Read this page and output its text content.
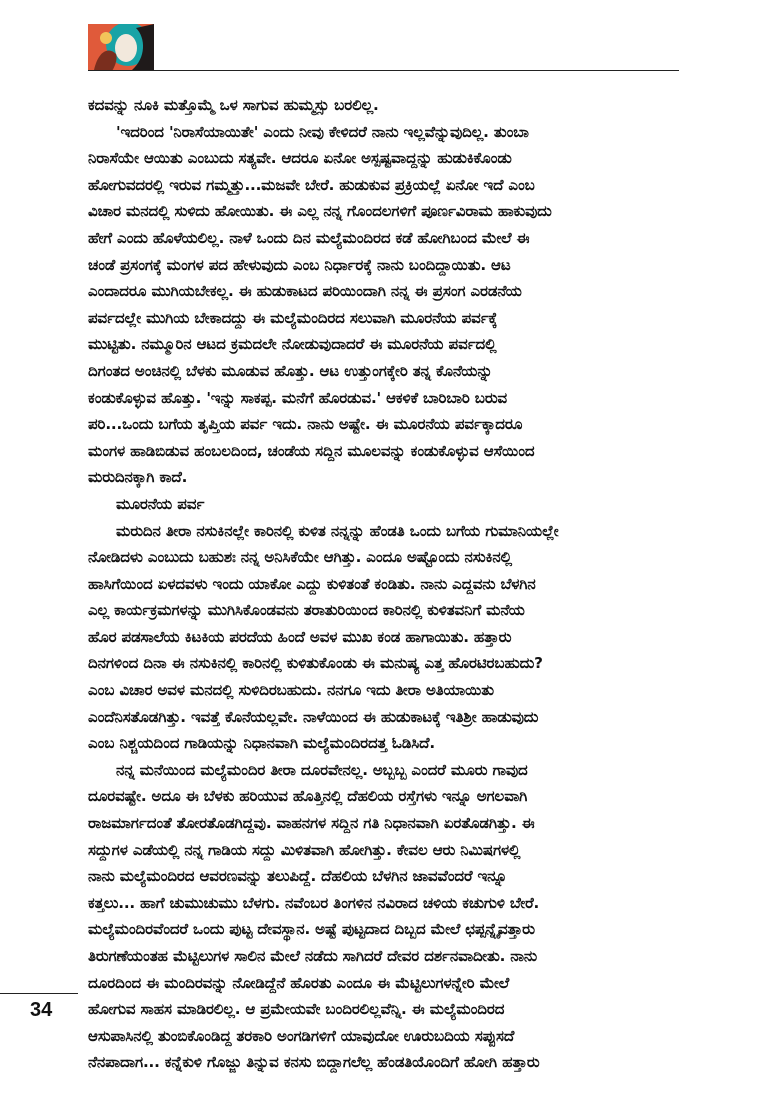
ಕದವನ್ನು ನೂಕಿ ಮತ್ತೊಮ್ಮೆ ಒಳ ಸಾಗುವ ಹುಮ್ಮಸ್ಸು ಬರಲಿಲ್ಲ.

'ಇದರಿಂದ 'ನಿರಾಸೆಯಾಯಿತೇ' ಎಂದು ನೀವು ಕೇಳಿದರೆ ನಾನು ಇಲ್ಲವೆನ್ನುವುದಿಲ್ಲ. ತುಂಬಾ

ನಿರಾಸೆಯೇ ಆಯಿತು ಎಂಬುದು ಸತ್ಯವೇ. ಆದರೂ ಏನೋ ಅಸ್ಪಷ್ಟವಾದ್ದನ್ನು ಹುಡುಕಿಕೊಂಡು

ಹೋಗುವದರಲ್ಲಿ ಇರುವ ಗಮ್ಮತ್ತು...ಮಜವೇ ಬೇರೆ. ಹುಡುಕುವ ಪ್ರಕ್ರಿಯಲ್ಲೆ ಏನೋ ಇದೆ ಎಂಬ

ವಿಚಾರ ಮನದಲ್ಲಿ ಸುಳಿದು ಹೋಯಿತು. ಈ ಎಲ್ಲ ನನ್ನ ಗೊಂದಲಗಳಿಗೆ ಪೂರ್ಣವಿರಾಮ ಹಾಕುವುದು

ಹೇಗೆ ಎಂದು ಹೊಳೆಯಲಿಲ್ಲ. ನಾಳೆ ಒಂದು ದಿನ ಮಲ್ಯೆಮಂದಿರದ ಕಡೆ ಹೋಗಿಬಂದ ಮೇಲೆ ಈ

ಚಂಡೆ ಪ್ರಸಂಗಕ್ಕೆ ಮಂಗಳ ಪದ ಹೇಳುವುದು ಎಂಬ ನಿರ್ಧಾರಕ್ಕೆ ನಾನು ಬಂದಿದ್ದಾಯಿತು. ಆಟ

ಎಂದಾದರೂ ಮುಗಿಯಬೇಕಲ್ಲ. ಈ ಹುಡುಕಾಟದ ಪರಿಯಿಂದಾಗಿ ನನ್ನ ಈ ಪ್ರಸಂಗ ಎರಡನೆಯ

ಪರ್ವದಲ್ಲೇ ಮುಗಿಯ ಬೇಕಾದದ್ದು ಈ ಮಲ್ಯೆಮಂದಿರದ ಸಲುವಾಗಿ ಮೂರನೆಯ ಪರ್ವಕ್ಕೆ

ಮುಟ್ಟಿತು. ನಮ್ಮೂರಿನ ಆಟದ ಕ್ರಮದಲೇ ನೋಡುವುದಾದರೆ ಈ ಮೂರನೆಯ ಪರ್ವದಲ್ಲಿ

ದಿಗಂತದ ಅಂಚಿನಲ್ಲಿ ಬೆಳಕು ಮೂಡುವ ಹೊತ್ತು. ಆಟ ಉತ್ತುಂಗಕ್ಕೇರಿ ತನ್ನ ಕೊನೆಯನ್ನು

ಕಂಡುಕೊಳ್ಳುವ ಹೊತ್ತು. 'ಇನ್ನು ಸಾಕಪ್ಪ. ಮನೆಗೆ ಹೊರಡುವ.' ಆಕಳಿಕೆ ಬಾರಿಬಾರಿ ಬರುವ

ಪರಿ...ಒಂದು ಬಗೆಯ ತೃಪ್ತಿಯ ಪರ್ವ ಇದು. ನಾನು ಅಷ್ಟೇ. ಈ ಮೂರನೆಯ ಪರ್ವಕ್ಕಾದರೂ

ಮಂಗಳ ಹಾಡಿಬಿಡುವ ಹಂಬಲದಿಂದ, ಚಂಡೆಯ ಸದ್ದಿನ ಮೂಲವನ್ನು ಕಂಡುಕೊಳ್ಳುವ ಆಸೆಯಿಂದ

ಮರುದಿನಕ್ಕಾಗಿ ಕಾದೆ.

ಮೂರನೆಯ ಪರ್ವ

ಮರುದಿನ ತೀರಾ ನಸುಕಿನಲ್ಲೇ ಕಾರಿನಲ್ಲಿ ಕುಳಿತ ನನ್ನನ್ನು ಹೆಂಡತಿ ಒಂದು ಬಗೆಯ ಗುಮಾನಿಯಲ್ಲೇ

ನೋಡಿದಳು ಎಂಬುದು ಬಹುಶಃ ನನ್ನ ಅನಿಸಿಕೆಯೇ ಆಗಿತ್ತು. ಎಂದೂ ಅಷ್ಟೊಂದು ನಸುಕಿನಲ್ಲಿ

ಹಾಸಿಗೆಯಿಂದ ಏಳದವಳು ಇಂದು ಯಾಕೋ ಎದ್ದು ಕುಳಿತಂತೆ ಕಂಡಿತು. ನಾನು ಎದ್ದವನು ಬೆಳಗಿನ

ಎಲ್ಲ ಕಾರ್ಯಕ್ರಮಗಳನ್ನು ಮುಗಿಸಿಕೊಂಡವನು ತರಾತುರಿಯಿಂದ ಕಾರಿನಲ್ಲಿ ಕುಳಿತವನಿಗೆ ಮನೆಯ

ಹೊರ ಪಡಸಾಲೆಯ ಕಿಟಕಿಯ ಪರದೆಯ ಹಿಂದೆ ಅವಳ ಮುಖ ಕಂಡ ಹಾಗಾಯಿತು. ಹತ್ತಾರು

ದಿನಗಳಿಂದ ದಿನಾ ಈ ನಸುಕಿನಲ್ಲಿ ಕಾರಿನಲ್ಲಿ ಕುಳಿತುಕೊಂಡು ಈ ಮನುಷ್ಯ ಎತ್ತ ಹೊರಟಿರಬಹುದು?

ಎಂಬ ವಿಚಾರ ಅವಳ ಮನದಲ್ಲಿ ಸುಳಿದಿರಬಹುದು. ನನಗೂ ಇದು ತೀರಾ ಅತಿಯಾಯಿತು

ಎಂದೆನಿಸತೊಡಗಿತ್ತು. ಇವತ್ತೆ ಕೊನೆಯಲ್ಲವೇ. ನಾಳೆಯಿಂದ ಈ ಹುಡುಕಾಟಕ್ಕೆ ಇತಿಶ್ರೀ ಹಾಡುವುದು

ಎಂಬ ನಿಶ್ಚಯದಿಂದ ಗಾಡಿಯನ್ನು ನಿಧಾನವಾಗಿ ಮಲ್ಯೆಮಂದಿರದತ್ತ ಓಡಿಸಿದೆ.

ನನ್ನ ಮನೆಯಿಂದ ಮಲ್ಯೆಮಂದಿರ ತೀರಾ ದೂರವೇನಲ್ಲ. ಅಬ್ಬಬ್ಬ ಎಂದರೆ ಮೂರು ಗಾವುದ

ದೂರವಷ್ಟೇ. ಅದೂ ಈ ಬೆಳಕು ಹರಿಯುವ ಹೊತ್ತಿನಲ್ಲಿ ದೆಹಲಿಯ ರಸ್ತೆಗಳು ಇನ್ನೂ ಅಗಲವಾಗಿ

ರಾಜಮಾರ್ಗದಂತೆ ತೋರತೊಡಗಿದ್ದವು. ವಾಹನಗಳ ಸದ್ದಿನ ಗತಿ ನಿಧಾನವಾಗಿ ಏರತೊಡಗಿತ್ತು. ಈ

ಸದ್ದುಗಳ ಎಡೆಯಲ್ಲಿ ನನ್ನ ಗಾಡಿಯ ಸದ್ದು ಮಿಳಿತವಾಗಿ ಹೋಗಿತ್ತು. ಕೇವಲ ಆರು ನಿಮಿಷಗಳಲ್ಲಿ

ನಾನು ಮಲ್ಯೆಮಂದಿರದ ಆವರಣವನ್ನು ತಲುಪಿದ್ದೆ. ದೆಹಲಿಯ ಬೆಳಗಿನ ಜಾವವೆಂದರೆ ಇನ್ನೂ

ಕತ್ತಲು... ಹಾಗೆ ಚುಮುಚುಮು ಬೆಳಗು. ನವೆಂಬರ ತಿಂಗಳಿನ ನವಿರಾದ ಚಳಿಯ ಕಚುಗುಳಿ ಬೇರೆ.

ಮಲ್ಯೆಮಂದಿರವೆಂದರೆ ಒಂದು ಪುಟ್ಟ ದೇವಸ್ಥಾನ. ಅಷ್ಟೆ ಪುಟ್ಟದಾದ ದಿಬ್ಬದ ಮೇಲೆ ಛಪ್ಪನ್ನೈವತ್ತಾರು

ತಿರುಗಣೆಯಂತಹ ಮೆಟ್ಟಿಲುಗಳ ಸಾಲಿನ ಮೇಲೆ ನಡೆದು ಸಾಗಿದರೆ ದೇವರ ದರ್ಶನವಾದೀತು. ನಾನು

ದೂರದಿಂದ ಈ ಮಂದಿರವನ್ನು ನೋಡಿದ್ದೆನೆ ಹೊರತು ಎಂದೂ ಈ ಮೆಟ್ಟಿಲುಗಳನ್ನೇರಿ ಮೇಲೆ

ಹೋಗುವ ಸಾಹಸ ಮಾಡಿರಲಿಲ್ಲ. ಆ ಪ್ರಮೇಯವೇ ಬಂದಿರಲಿಲ್ಲವೆನ್ನಿ. ಈ ಮಲ್ಯೆಮಂದಿರದ

ಆಸುಪಾಸಿನಲ್ಲಿ ತುಂಬಿಕೊಂಡಿದ್ದ ತರಕಾರಿ ಅಂಗಡಿಗಳಿಗೆ ಯಾವುದೋ ಊರುಬದಿಯ ಸಪ್ಪುಸದೆ

ನೆನಪಾದಾಗ... ಕನ್ನೆಕುಳಿ ಗೊಜ್ಜು ತಿನ್ನುವ ಕನಸು ಬಿದ್ದಾಗಲೆಲ್ಲ ಹೆಂಡತಿಯೊಂದಿಗೆ ಹೋಗಿ ಹತ್ತಾರು

34
